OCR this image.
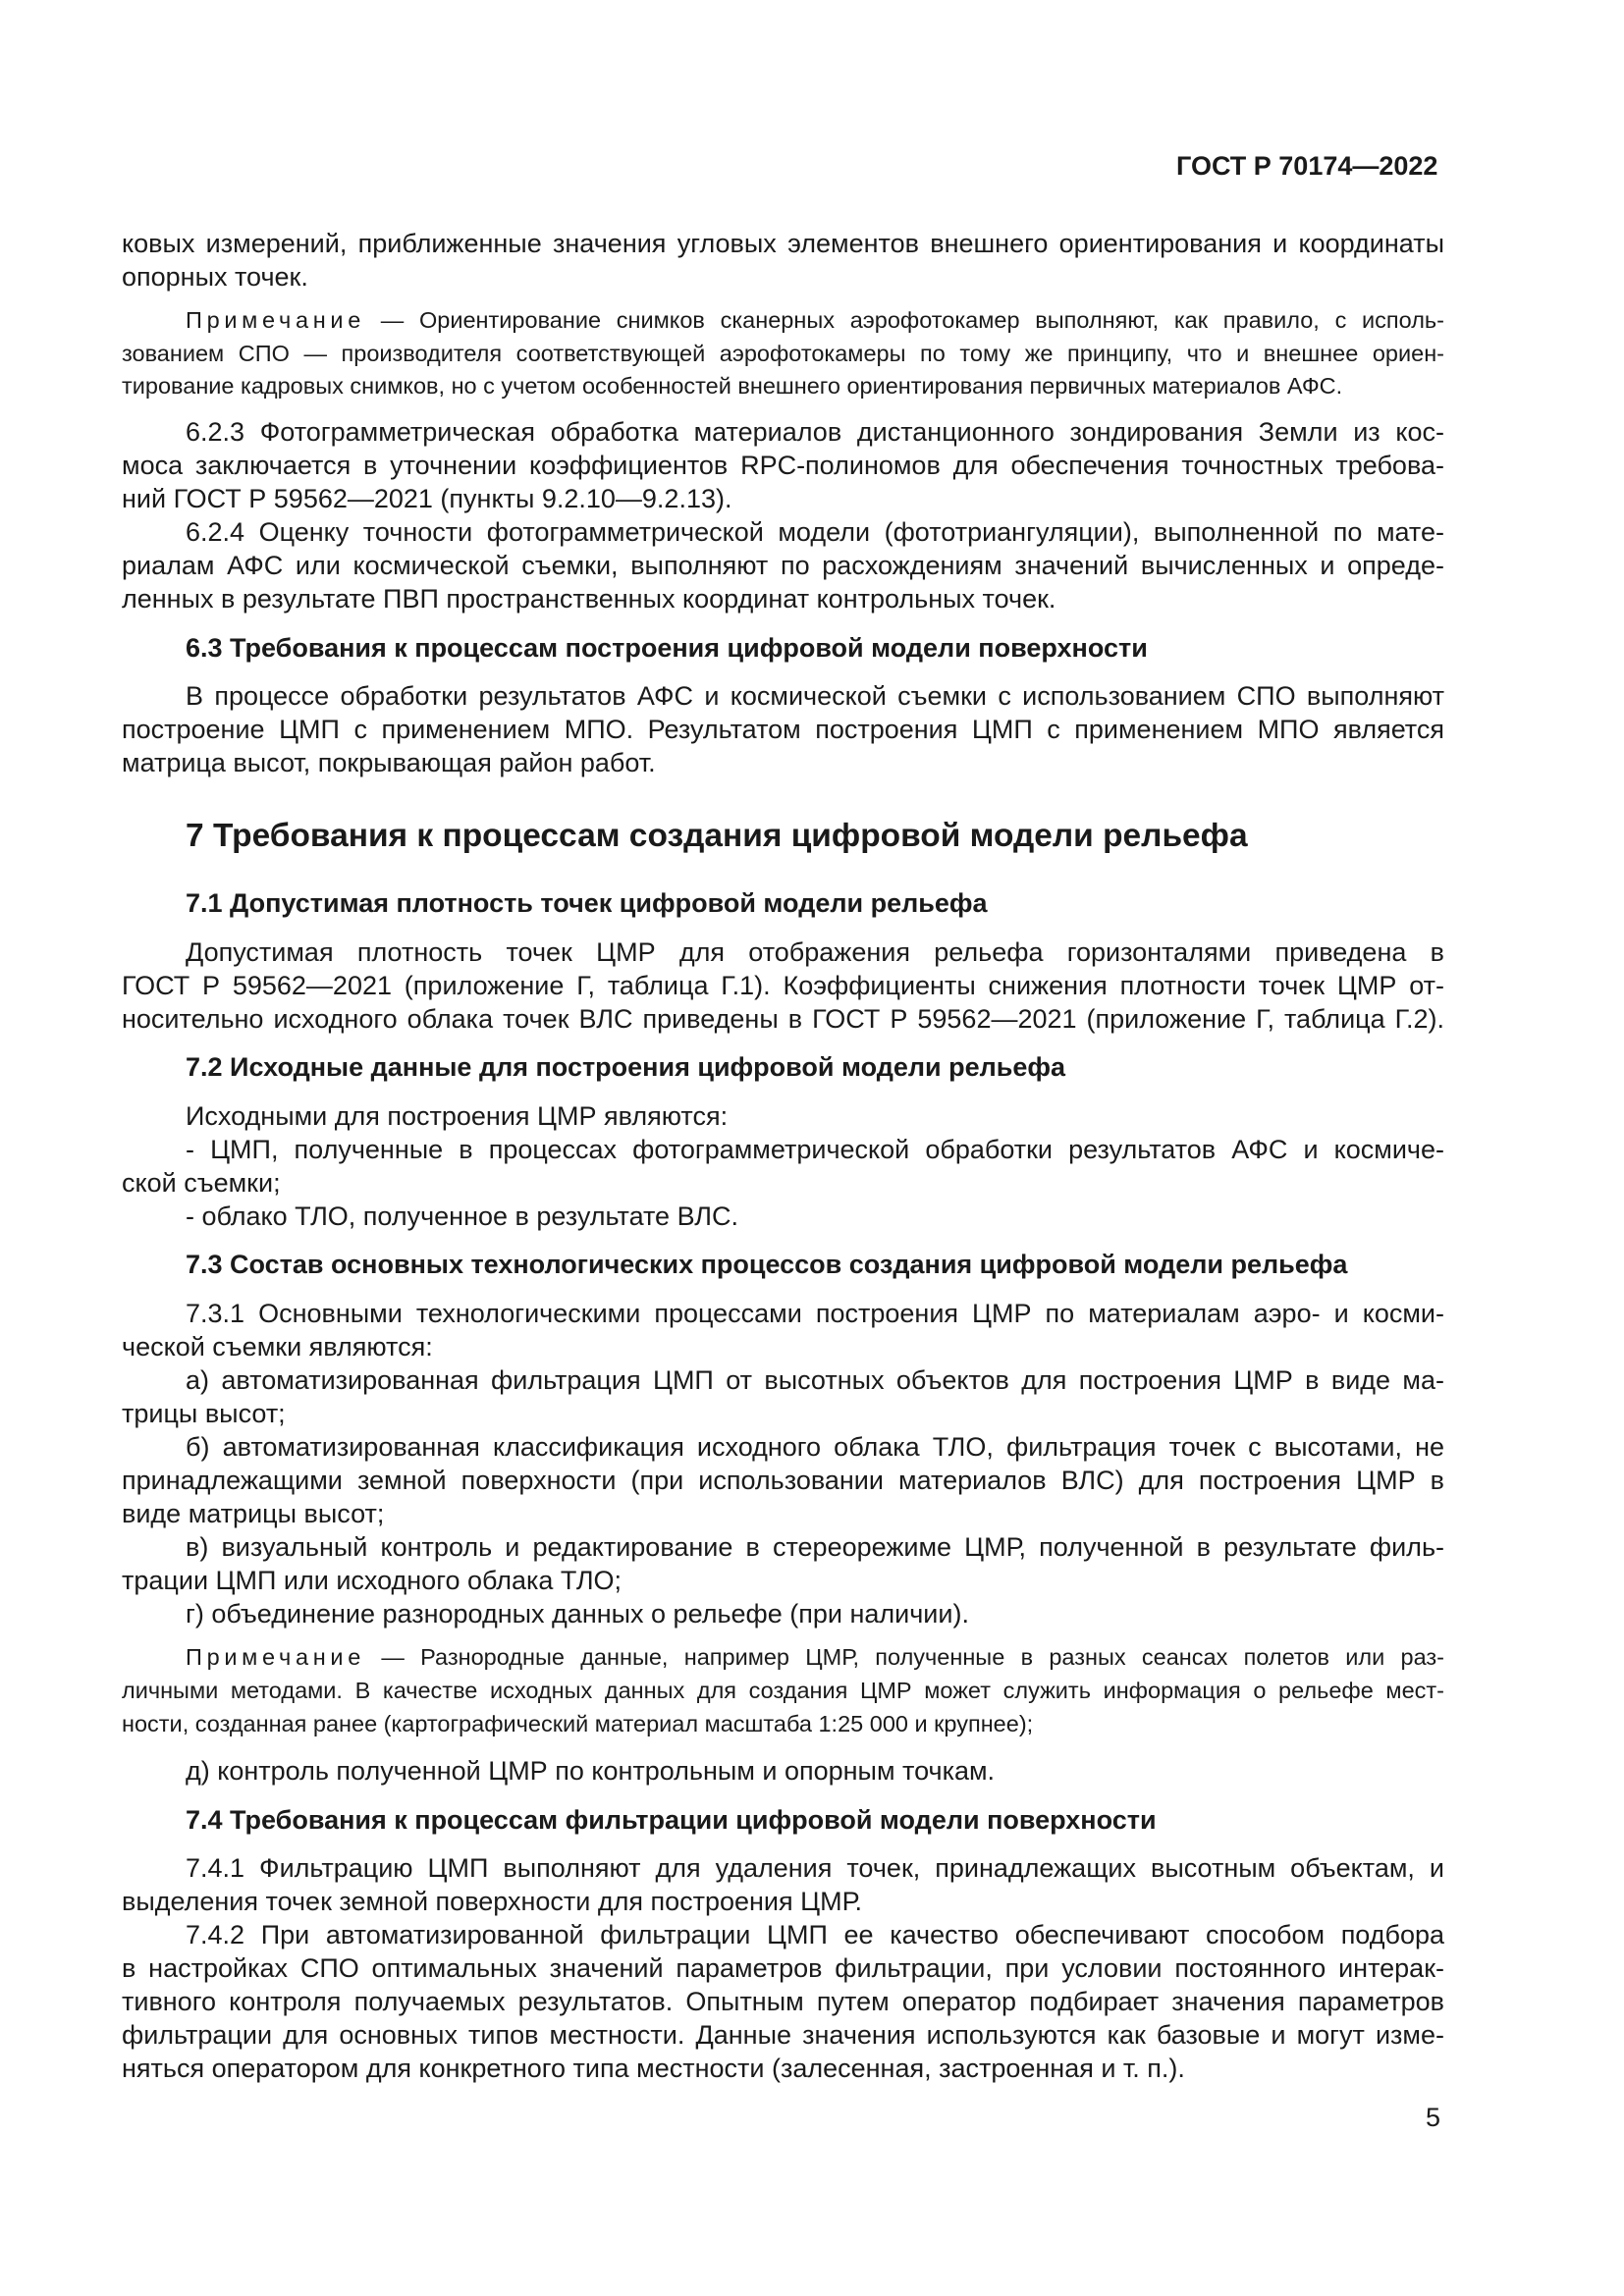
ГОСТ Р 70174—2022
ковых измерений, приближенные значения угловых элементов внешнего ориентирования и координаты
опорных точек.
Примечание — Ориентирование снимков сканерных аэрофотокамер выполняют, как правило, с исполь-
зованием СПО — производителя соответствующей аэрофотокамеры по тому же принципу, что и внешнее ориен-
тирование кадровых снимков, но с учетом особенностей внешнего ориентирования первичных материалов АФС.
6.2.3 Фотограмметрическая обработка материалов дистанционного зондирования Земли из кос-
моса заключается в уточнении коэффициентов RPC-полиномов для обеспечения точностных требова-
ний ГОСТ Р 59562—2021 (пункты 9.2.10—9.2.13).
6.2.4 Оценку точности фотограмметрической модели (фототриангуляции), выполненной по мате-
риалам АФС или космической съемки, выполняют по расхождениям значений вычисленных и опреде-
ленных в результате ПВП пространственных координат контрольных точек.
6.3 Требования к процессам построения цифровой модели поверхности
В процессе обработки результатов АФС и космической съемки с использованием СПО выполняют
построение ЦМП с применением МПО. Результатом построения ЦМП с применением МПО является
матрица высот, покрывающая район работ.
7 Требования к процессам создания цифровой модели рельефа
7.1 Допустимая плотность точек цифровой модели рельефа
Допустимая плотность точек ЦМР для отображения рельефа горизонталями приведена в
ГОСТ Р 59562—2021 (приложение Г, таблица Г.1). Коэффициенты снижения плотности точек ЦМР от-
носительно исходного облака точек ВЛС приведены в ГОСТ Р 59562—2021 (приложение Г, таблица Г.2).
7.2 Исходные данные для построения цифровой модели рельефа
Исходными для построения ЦМР являются:
- ЦМП, полученные в процессах фотограмметрической обработки результатов АФС и космиче-
ской съемки;
- облако ТЛО, полученное в результате ВЛС.
7.3 Состав основных технологических процессов создания цифровой модели рельефа
7.3.1 Основными технологическими процессами построения ЦМР по материалам аэро- и косми-
ческой съемки являются:
а) автоматизированная фильтрация ЦМП от высотных объектов для построения ЦМР в виде ма-
трицы высот;
б) автоматизированная классификация исходного облака ТЛО, фильтрация точек с высотами, не
принадлежащими земной поверхности (при использовании материалов ВЛС) для построения ЦМР в
виде матрицы высот;
в) визуальный контроль и редактирование в стереорежиме ЦМР, полученной в результате филь-
трации ЦМП или исходного облака ТЛО;
г) объединение разнородных данных о рельефе (при наличии).
Примечание — Разнородные данные, например ЦМР, полученные в разных сеансах полетов или раз-
личными методами. В качестве исходных данных для создания ЦМР может служить информация о рельефе мест-
ности, созданная ранее (картографический материал масштаба 1:25 000 и крупнее);
д) контроль полученной ЦМР по контрольным и опорным точкам.
7.4 Требования к процессам фильтрации цифровой модели поверхности
7.4.1 Фильтрацию ЦМП выполняют для удаления точек, принадлежащих высотным объектам, и
выделения точек земной поверхности для построения ЦМР.
7.4.2 При автоматизированной фильтрации ЦМП ее качество обеспечивают способом подбора
в настройках СПО оптимальных значений параметров фильтрации, при условии постоянного интерак-
тивного контроля получаемых результатов. Опытным путем оператор подбирает значения параметров
фильтрации для основных типов местности. Данные значения используются как базовые и могут изме-
няться оператором для конкретного типа местности (залесенная, застроенная и т. п.).
5
